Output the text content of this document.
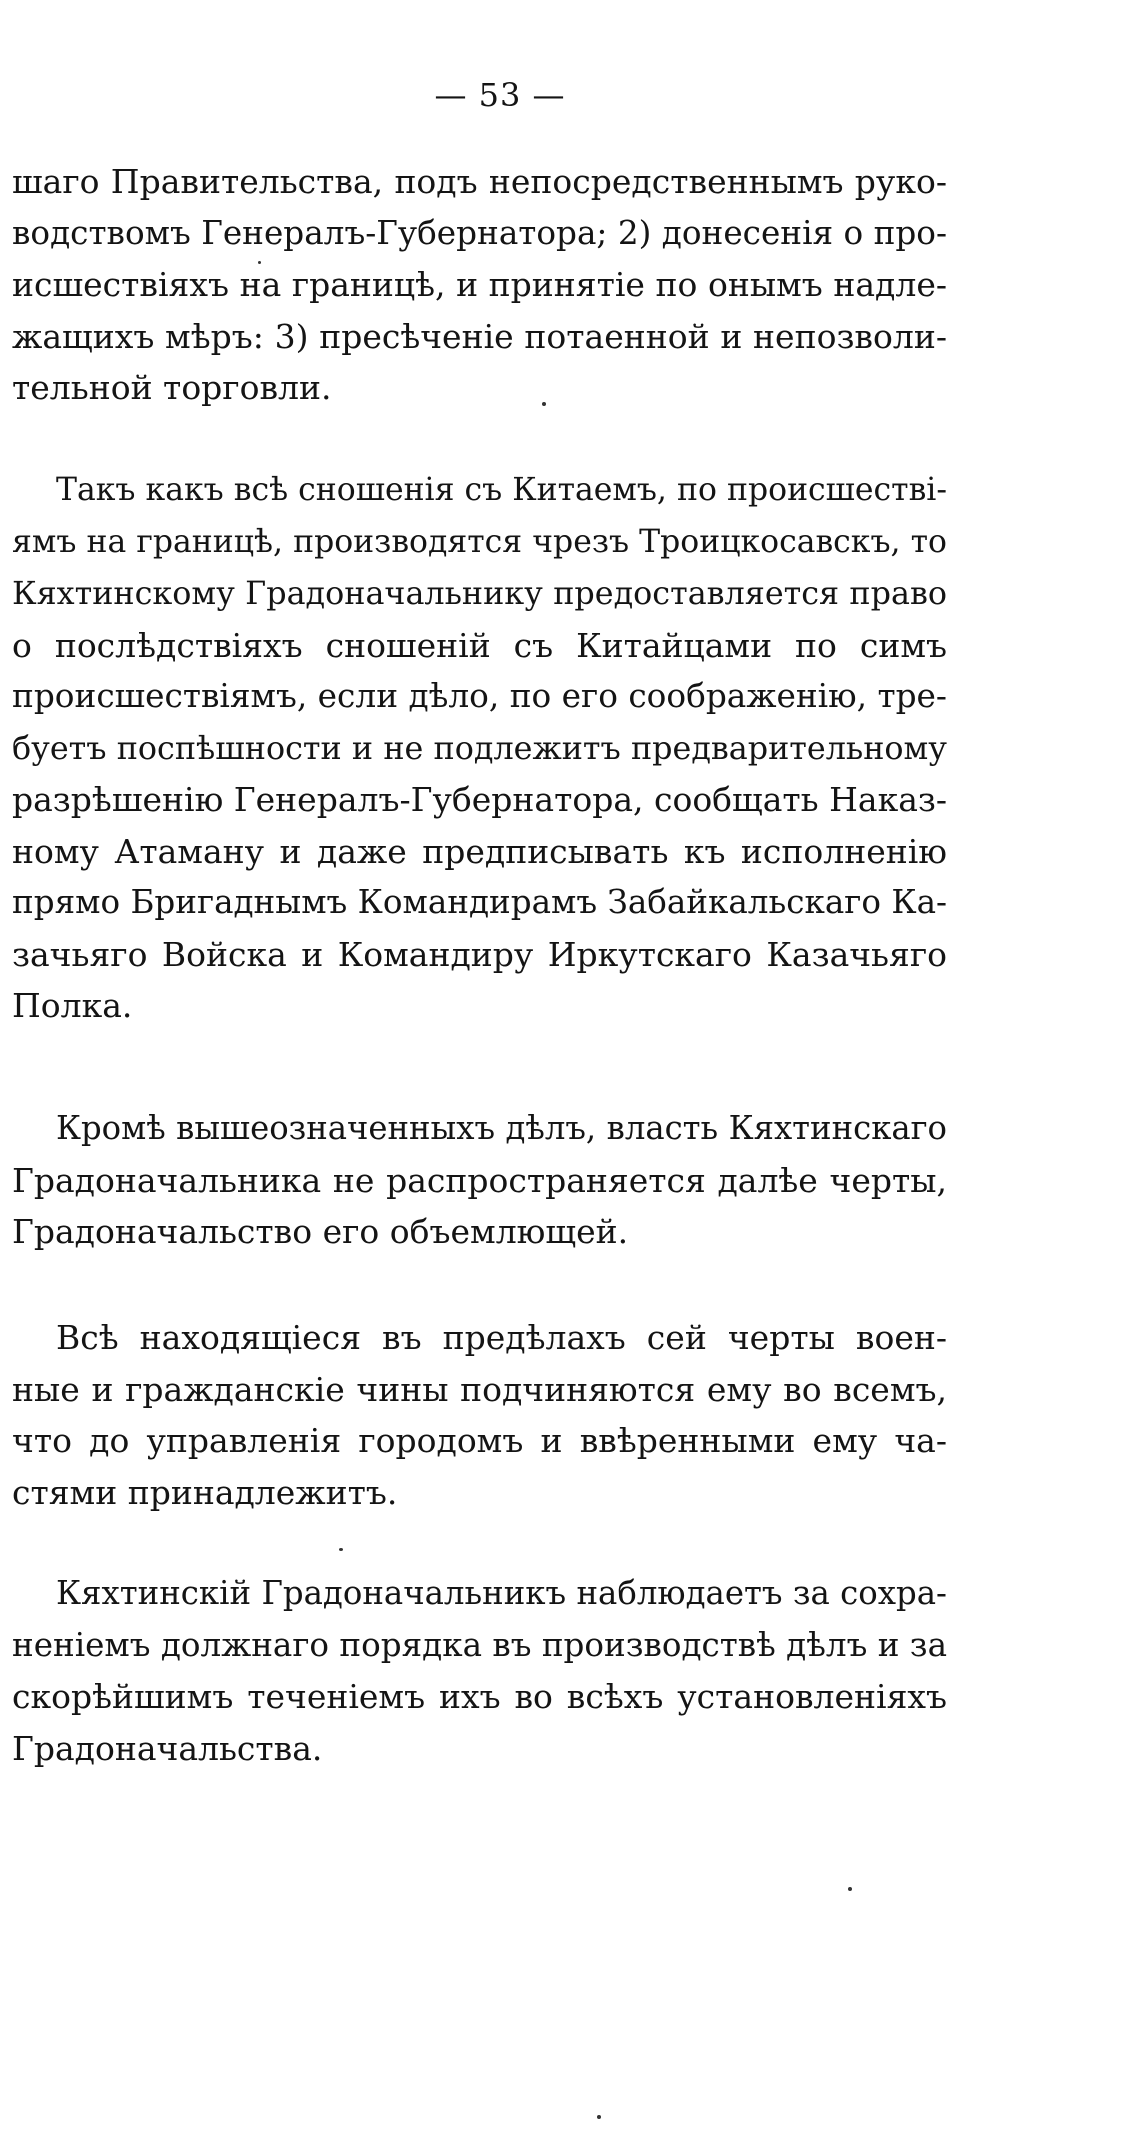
— 53 —
шаго Правительства, подъ непосредственнымъ руко-
водствомъ Генералъ-Губернатора; 2) донесенія о про-
исшествіяхъ на границѣ, и принятіе по онымъ надле-
жащихъ мѣръ: 3) пресѣченіе потаенной и непозволи-
тельной торговли.
Такъ какъ всѣ сношенія съ Китаемъ, по происшествi-
ямъ на границѣ, производятся чрезъ Троицкосавскъ, то
Кяхтинскому Градоначальнику предоставляется право
о послѣдствіяхъ сношеній съ Китайцами по симъ
происшествіямъ, если дѣло, по его соображенію, тре-
буетъ поспѣшности и не подлежитъ предварительному
разрѣшенію Генералъ-Губернатора, сообщать Наказ-
ному Атаману и даже предписывать къ исполненію
прямо Бригаднымъ Командирамъ Забайкальскаго Ка-
зачьяго Войска и Командиру Иркутскаго Казачьяго
Полка.
Кромѣ вышеозначенныхъ дѣлъ, власть Кяхтинскаго
Градоначальника не распространяется далѣе черты,
Градоначальство его объемлющей.
Всѣ находящіеся въ предѣлахъ сей черты воен-
ные и гражданскіе чины подчиняются ему во всемъ,
что до управленія городомъ и ввѣренными ему ча-
стями принадлежитъ.
Кяхтинскій Градоначальникъ наблюдаетъ за сохра-
неніемъ должнаго порядка въ производствѣ дѣлъ и за
скорѣйшимъ теченіемъ ихъ во всѣхъ установленіяхъ
Градоначальства.
